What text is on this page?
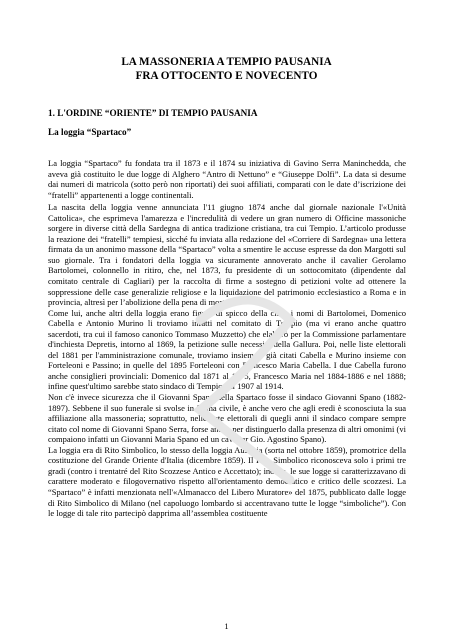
LA MASSONERIA A TEMPIO PAUSANIA
FRA OTTOCENTO E NOVECENTO
1. L'ORDINE “ORIENTE” DI TEMPIO PAUSANIA
La loggia “Spartaco”

La loggia “Spartaco” fu fondata tra il 1873 e il 1874 su iniziativa di Gavino Serra Maninchedda, che aveva già costituito le due logge di Alghero “Antro di Nettuno” e “Giuseppe Dolfi”. La data si desume dai numeri di matricola (sotto però non riportati) dei suoi affiliati, comparati con le date d’iscrizione dei “fratelli” appartenenti a logge continentali.

La nascita della loggia venne annunciata l'11 giugno 1874 anche dal giornale nazionale l'«Unità Cattolica», che esprimeva l'amarezza e l'incredulità di vedere un gran numero di Officine massoniche sorgere in diverse città della Sardegna di antica tradizione cristiana, tra cui Tempio. L’articolo produsse la reazione dei “fratelli” tempiesi, sicché fu inviata alla redazione del «Corriere di Sardegna» una lettera firmata da un anonimo massone della “Spartaco” volta a smentire le accuse espresse da don Margotti sul suo giornale. Tra i fondatori della loggia va sicuramente annoverato anche il cavalier Gerolamo Bartolomei, colonnello in ritiro, che, nel 1873, fu presidente di un sottocomitato (dipendente dal comitato centrale di Cagliari) per la raccolta di firme a sostegno di petizioni volte ad ottenere la soppressione delle case generalizie religiose e la liquidazione del patrimonio ecclesiastico a Roma e in provincia, altresì per l’abolizione della pena di morte.

Come lui, anche altri della loggia erano figure di spicco della città: i nomi di Bartolomei, Domenico Cabella e Antonio Murino li troviamo infatti nel comitato di Tempio (ma vi erano anche quattro sacerdoti, tra cui il famoso canonico Tommaso Muzzetto) che elaborò per la Commissione parlamentare d'inchiesta Depretis, intorno al 1869, la petizione sulle necessità della Gallura. Poi, nelle liste elettorali del 1881 per l'amministrazione comunale, troviamo insieme i già citati Cabella e Murino insieme con Forteleoni e Passino; in quelle del 1895 Forteleoni con Francesco Maria Cabella. I due Cabella furono anche consiglieri provinciali: Domenico dal 1871 al 1875, Francesco Maria nel 1884-1886 e nel 1888; infine quest'ultimo sarebbe stato sindaco di Tempio dal 1907 al 1914.

Non c'è invece sicurezza che il Giovanni Spanu della Spartaco fosse il sindaco Giovanni Spano (1882-1897). Sebbene il suo funerale si svolse in forma civile, è anche vero che agli eredi è sconosciuta la sua affiliazione alla massoneria; soprattutto, nelle liste elettorali di quegli anni il sindaco compare sempre citato col nome di Giovanni Spano Serra, forse anche per distinguerlo dalla presenza di altri omonimi (vi compaiono infatti un Giovanni Maria Spano ed un cavalier Gio. Agostino Spano).

La loggia era di Rito Simbolico, lo stesso della loggia Ausonia (sorta nel ottobre 1859), promotrice della costituzione del Grande Oriente d'Italia (dicembre 1859). Il Rito Simbolico riconosceva solo i primi tre gradi (contro i trentatré del Rito Scozzese Antico e Accettato); inoltre, le sue logge si caratterizzavano di carattere moderato e filogovernativo rispetto all'orientamento democratico e critico delle scozzesi. La “Spartaco” è infatti menzionata nell'«Almanacco del Libero Muratore» del 1875, pubblicato dalle logge di Rito Simbolico di Milano (nel capoluogo lombardo si accentravano tutte le logge “simboliche”). Con le logge di tale rito partecipò dapprima all’assemblea costituente

1
